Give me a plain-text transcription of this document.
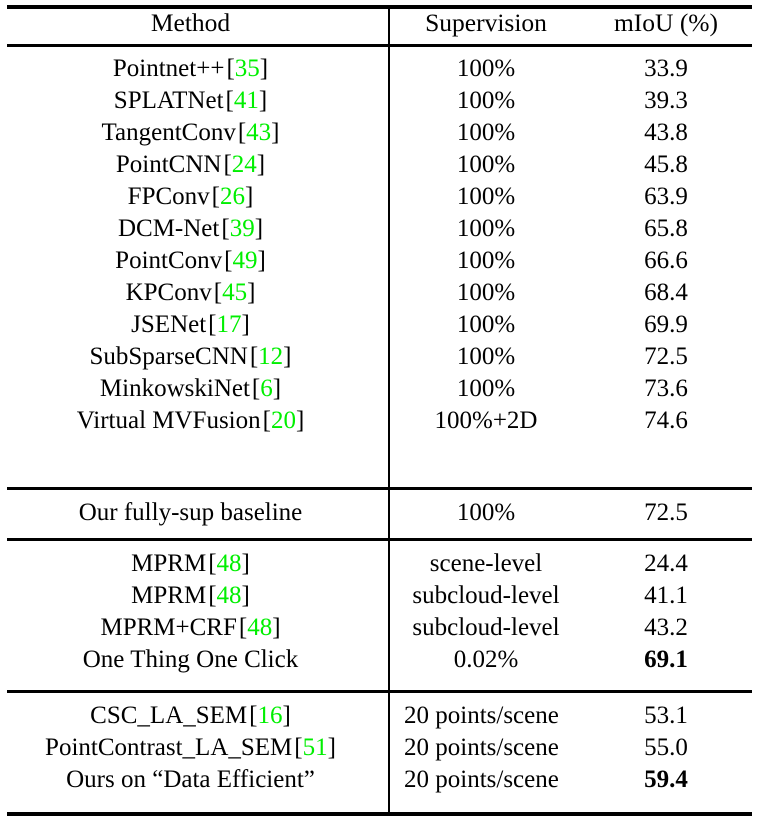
Method	Supervision	mIoU (%)
Pointnet++[35]	100%	33.9
SPLATNet[41]	100%	39.3
TangentConv[43]	100%	43.8
PointCNN[24]	100%	45.8
FPConv[26]	100%	63.9
DCM-Net[39]	100%	65.8
PointConv[49]	100%	66.6
KPConv[45]	100%	68.4
JSENet[17]	100%	69.9
SubSparseCNN[12]	100%	72.5
MinkowskiNet[6]	100%	73.6
Virtual MVFusion[20]	100%+2D	74.6
Our fully-sup baseline	100%	72.5
MPRM[48]	scene-level	24.4
MPRM[48]	subcloud-level	41.1
MPRM+CRF[48]	subcloud-level	43.2
One Thing One Click	0.02%	69.1
CSC_LA_SEM[16]	20 points/scene	53.1
PointContrast_LA_SEM[51]	20 points/scene	55.0
Ours on “Data Efficient”	20 points/scene	59.4
